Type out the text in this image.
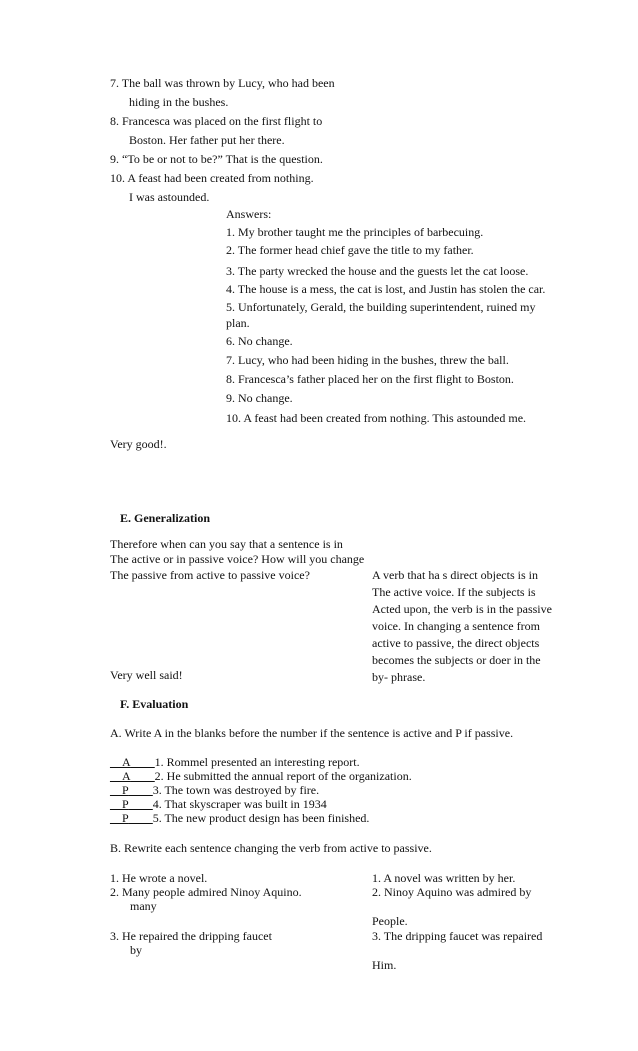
7. The ball was thrown by Lucy, who had been
hiding in the bushes.
8. Francesca was placed on the first flight to
Boston. Her father put her there.
9. “To be or not to be?” That is the question.
10. A feast had been created from nothing.
I was astounded.
Answers:
1. My brother taught me the principles of barbecuing.
2. The former head chief gave the title to my father.
3. The party wrecked the house and the guests let the cat loose.
4. The house is a mess, the cat is lost, and Justin has stolen the car.
5. Unfortunately, Gerald, the building superintendent, ruined my
plan.
6. No change.
7. Lucy, who had been hiding in the bushes, threw the ball.
8. Francesca’s father placed her on the first flight to Boston.
9. No change.
10. A feast had been created from nothing. This astounded me.
Very good!.
E. Generalization
Therefore when can you say that a sentence is in
The active or in passive voice? How will you change
The passive from active to passive voice?	A verb that ha s direct objects is in
The active voice. If the subjects is
Acted upon, the verb is in the passive
voice. In changing a sentence from
active to passive, the direct objects
becomes the subjects or doer in the
by- phrase.
Very well said!
F. Evaluation
A. Write A in the blanks before the number if the sentence is active and P if passive.
__A____1. Rommel presented an interesting report.
__A____2. He submitted the annual report of the organization.
__P____3. The town was destroyed by fire.
__P____4. That skyscraper was built in 1934
__P____5. The new product design has been finished.
B. Rewrite each sentence changing the verb from active to passive.
1. He wrote a novel.
2. Many people admired Ninoy Aquino.
many
3. He repaired the dripping faucet
by
1. A novel was written by her.
2. Ninoy Aquino was admired by
People.
3. The dripping faucet was repaired
Him.
